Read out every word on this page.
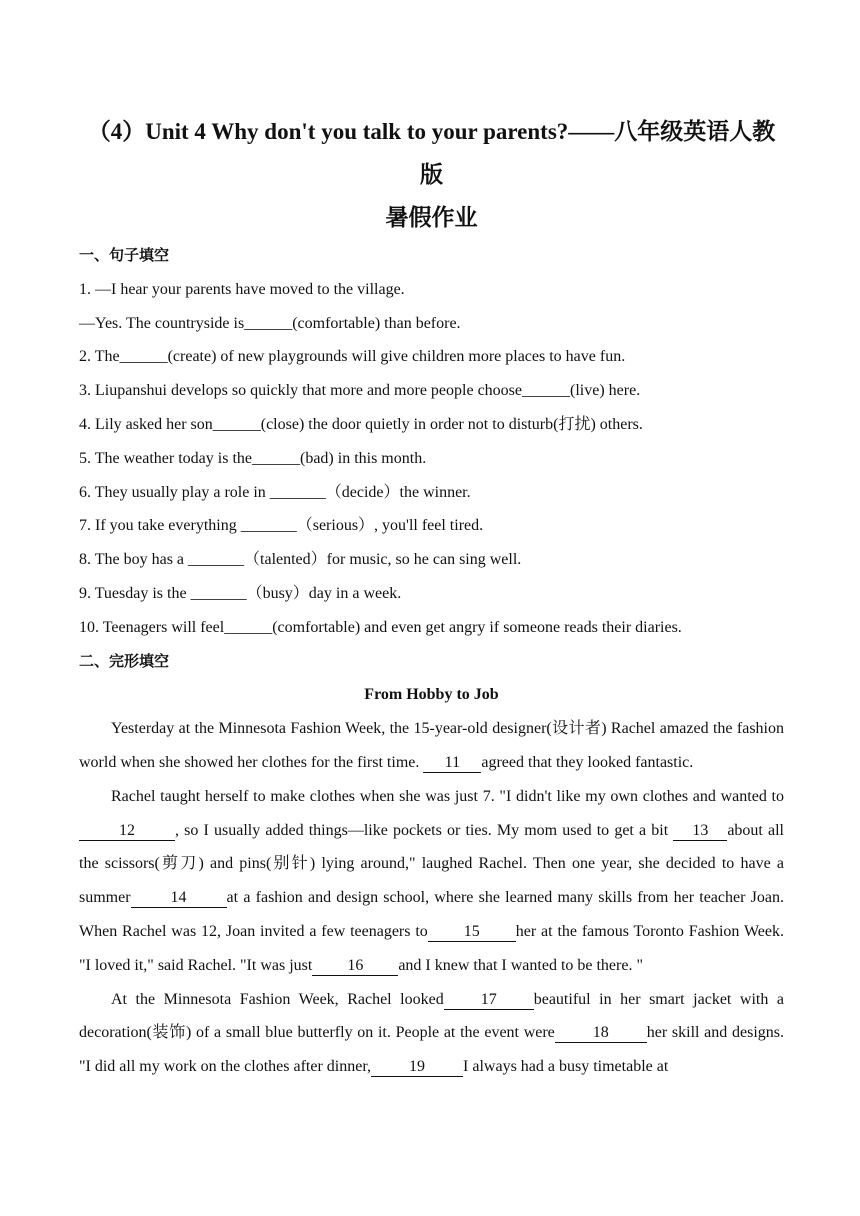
（4）Unit 4 Why don't you talk to your parents?——八年级英语人教版

暑假作业

一、句子填空

1. —I hear your parents have moved to the village.

—Yes. The countryside is______(comfortable) than before.

2. The______(create) of new playgrounds will give children more places to have fun.

3. Liupanshui develops so quickly that more and more people choose______(live) here.

4. Lily asked her son______(close) the door quietly in order not to disturb(打扰) others.

5. The weather today is the______(bad) in this month.

6. They usually play a role in _______（decide）the winner.

7. If you take everything _______（serious）, you'll feel tired.

8. The boy has a _______（talented）for music, so he can sing well.

9. Tuesday is the _______（busy）day in a week.

10. Teenagers will feel______(comfortable) and even get angry if someone reads their diaries.

二、完形填空

From Hobby to Job

Yesterday at the Minnesota Fashion Week, the 15-year-old designer(设计者) Rachel amazed the fashion world when she showed her clothes for the first time. 11 agreed that they looked fantastic.

Rachel taught herself to make clothes when she was just 7. "I didn't like my own clothes and wanted to12	, so I usually added things—like pockets or ties. My mom used to get a bit 13 about all the scissors(剪刀) and pins(别针) lying around," laughed Rachel. Then one year, she decided to have a summer	14	at a fashion and design school, where she learned many skills from her teacher Joan. When Rachel was 12, Joan invited a few teenagers to 15 her at the famous Toronto Fashion Week. "I loved it," said Rachel. "It was just 16 and I knew that I wanted to be there. "

At the Minnesota Fashion Week, Rachel looked 17 beautiful in her smart jacket with a decoration(装饰) of a small blue butterfly on it. People at the event were 18 her skill and designs. "I did all my work on the clothes after dinner, 19 I always had a busy timetable at
